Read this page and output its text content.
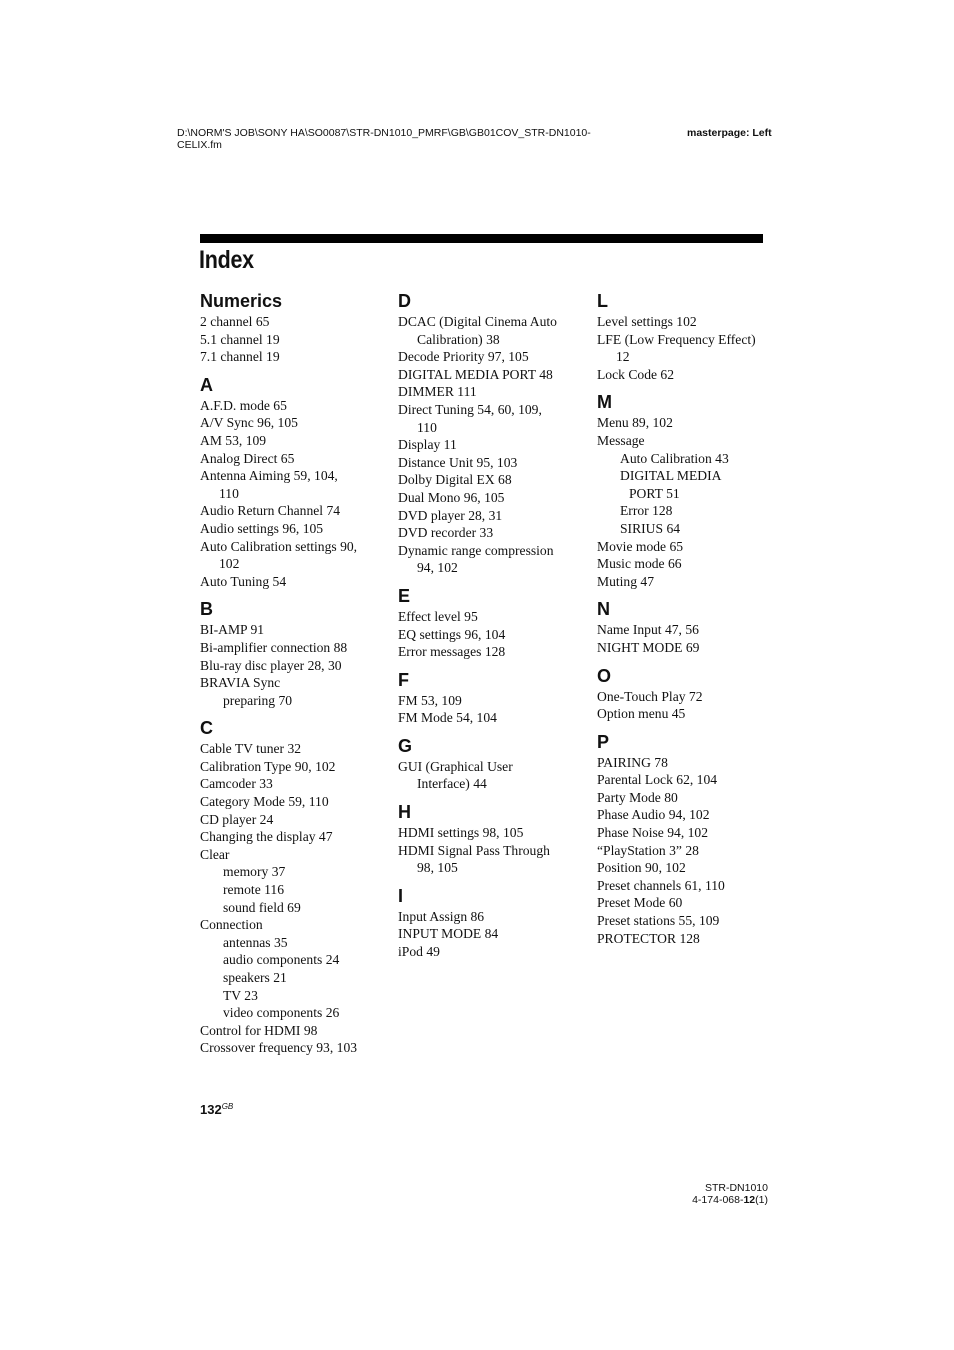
D:\NORM'S JOB\SONY HA\SO0087\STR-DN1010_PMRF\GB\GB01COV_STR-DN1010-
CELIX.fm
masterpage: Left
Index
Numerics
2 channel 65
5.1 channel 19
7.1 channel 19
A
A.F.D. mode 65
A/V Sync 96, 105
AM 53, 109
Analog Direct 65
Antenna Aiming 59, 104,
110
Audio Return Channel 74
Audio settings 96, 105
Auto Calibration settings 90,
102
Auto Tuning 54
B
BI-AMP 91
Bi-amplifier connection 88
Blu-ray disc player 28, 30
BRAVIA Sync
preparing 70
C
Cable TV tuner 32
Calibration Type 90, 102
Camcoder 33
Category Mode 59, 110
CD player 24
Changing the display 47
Clear
memory 37
remote 116
sound field 69
Connection
antennas 35
audio components 24
speakers 21
TV 23
video components 26
Control for HDMI 98
Crossover frequency 93, 103
D
DCAC (Digital Cinema Auto
Calibration) 38
Decode Priority 97, 105
DIGITAL MEDIA PORT 48
DIMMER 111
Direct Tuning 54, 60, 109,
110
Display 11
Distance Unit 95, 103
Dolby Digital EX 68
Dual Mono 96, 105
DVD player 28, 31
DVD recorder 33
Dynamic range compression
94, 102
E
Effect level 95
EQ settings 96, 104
Error messages 128
F
FM 53, 109
FM Mode 54, 104
G
GUI (Graphical User
Interface) 44
H
HDMI settings 98, 105
HDMI Signal Pass Through
98, 105
I
Input Assign 86
INPUT MODE 84
iPod 49
L
Level settings 102
LFE (Low Frequency Effect)
12
Lock Code 62
M
Menu 89, 102
Message
Auto Calibration 43
DIGITAL MEDIA
PORT 51
Error 128
SIRIUS 64
Movie mode 65
Music mode 66
Muting 47
N
Name Input 47, 56
NIGHT MODE 69
O
One-Touch Play 72
Option menu 45
P
PAIRING 78
Parental Lock 62, 104
Party Mode 80
Phase Audio 94, 102
Phase Noise 94, 102
“PlayStation 3” 28
Position 90, 102
Preset channels 61, 110
Preset Mode 60
Preset stations 55, 109
PROTECTOR 128
$132^{GB}$
STR-DN1010
4-174-068-12(1)
